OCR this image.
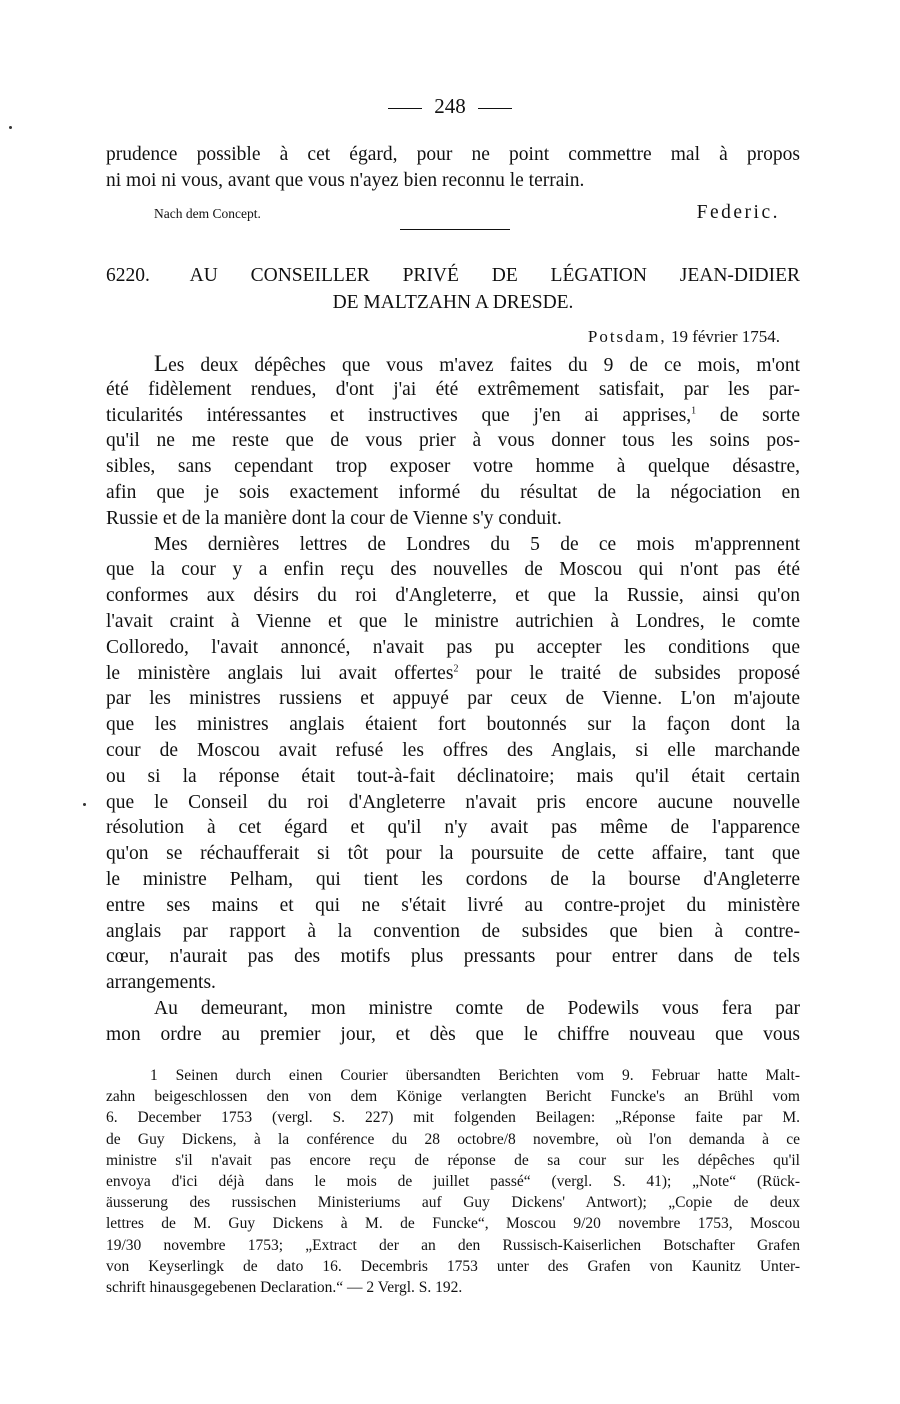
248
prudence possible à cet égard, pour ne point commettre mal à propos
ni moi ni vous, avant que vous n'ayez bien reconnu le terrain.
Nach dem Concept.	Federic.
6220. AU CONSEILLER PRIVÉ DE LÉGATION JEAN-DIDIER
DE MALTZAHN A DRESDE.
Potsdam, 19 février 1754.
Les deux dépêches que vous m'avez faites du 9 de ce mois, m'ont
été fidèlement rendues, d'ont j'ai été extrêmement satisfait, par les par-
ticularités intéressantes et instructives que j'en ai apprises,$^1$ de sorte
qu'il ne me reste que de vous prier à vous donner tous les soins pos-
sibles, sans cependant trop exposer votre homme à quelque désastre,
afin que je sois exactement informé du résultat de la négociation en
Russie et de la manière dont la cour de Vienne s'y conduit.
Mes dernières lettres de Londres du 5 de ce mois m'apprennent
que la cour y a enfin reçu des nouvelles de Moscou qui n'ont pas été
conformes aux désirs du roi d'Angleterre, et que la Russie, ainsi qu'on
l'avait craint à Vienne et que le ministre autrichien à Londres, le comte
Colloredo, l'avait annoncé, n'avait pas pu accepter les conditions que
le ministère anglais lui avait offertes$^2$ pour le traité de subsides proposé
par les ministres russiens et appuyé par ceux de Vienne. L'on m'ajoute
que les ministres anglais étaient fort boutonnés sur la façon dont la
cour de Moscou avait refusé les offres des Anglais, si elle marchande
ou si la réponse était tout-à-fait déclinatoire; mais qu'il était certain
que le Conseil du roi d'Angleterre n'avait pris encore aucune nouvelle
résolution à cet égard et qu'il n'y avait pas même de l'apparence
qu'on se réchaufferait si tôt pour la poursuite de cette affaire, tant que
le ministre Pelham, qui tient les cordons de la bourse d'Angleterre
entre ses mains et qui ne s'était livré au contre-projet du ministère
anglais par rapport à la convention de subsides que bien à contre-
cœur, n'aurait pas des motifs plus pressants pour entrer dans de tels
arrangements.
Au demeurant, mon ministre comte de Podewils vous fera par
mon ordre au premier jour, et dès que le chiffre nouveau que vous
1 Seinen durch einen Courier übersandten Berichten vom 9. Februar hatte Malt-
zahn beigeschlossen den von dem Könige verlangten Bericht Funcke's an Brühl vom
6. December 1753 (vergl. S. 227) mit folgenden Beilagen: „Réponse faite par M.
de Guy Dickens, à la conférence du 28 octobre/8 novembre, où l'on demanda à ce
ministre s'il n'avait pas encore reçu de réponse de sa cour sur les dépêches qu'il
envoya d'ici déjà dans le mois de juillet passé“ (vergl. S. 41); „Note“ (Rück-
äusserung des russischen Ministeriums auf Guy Dickens' Antwort); „Copie de deux
lettres de M. Guy Dickens à M. de Funcke“, Moscou 9/20 novembre 1753, Moscou
19/30 novembre 1753; „Extract der an den Russisch-Kaiserlichen Botschafter Grafen
von Keyserlingk de dato 16. Decembris 1753 unter des Grafen von Kaunitz Unter-
schrift hinausgegebenen Declaration.“ — 2 Vergl. S. 192.
